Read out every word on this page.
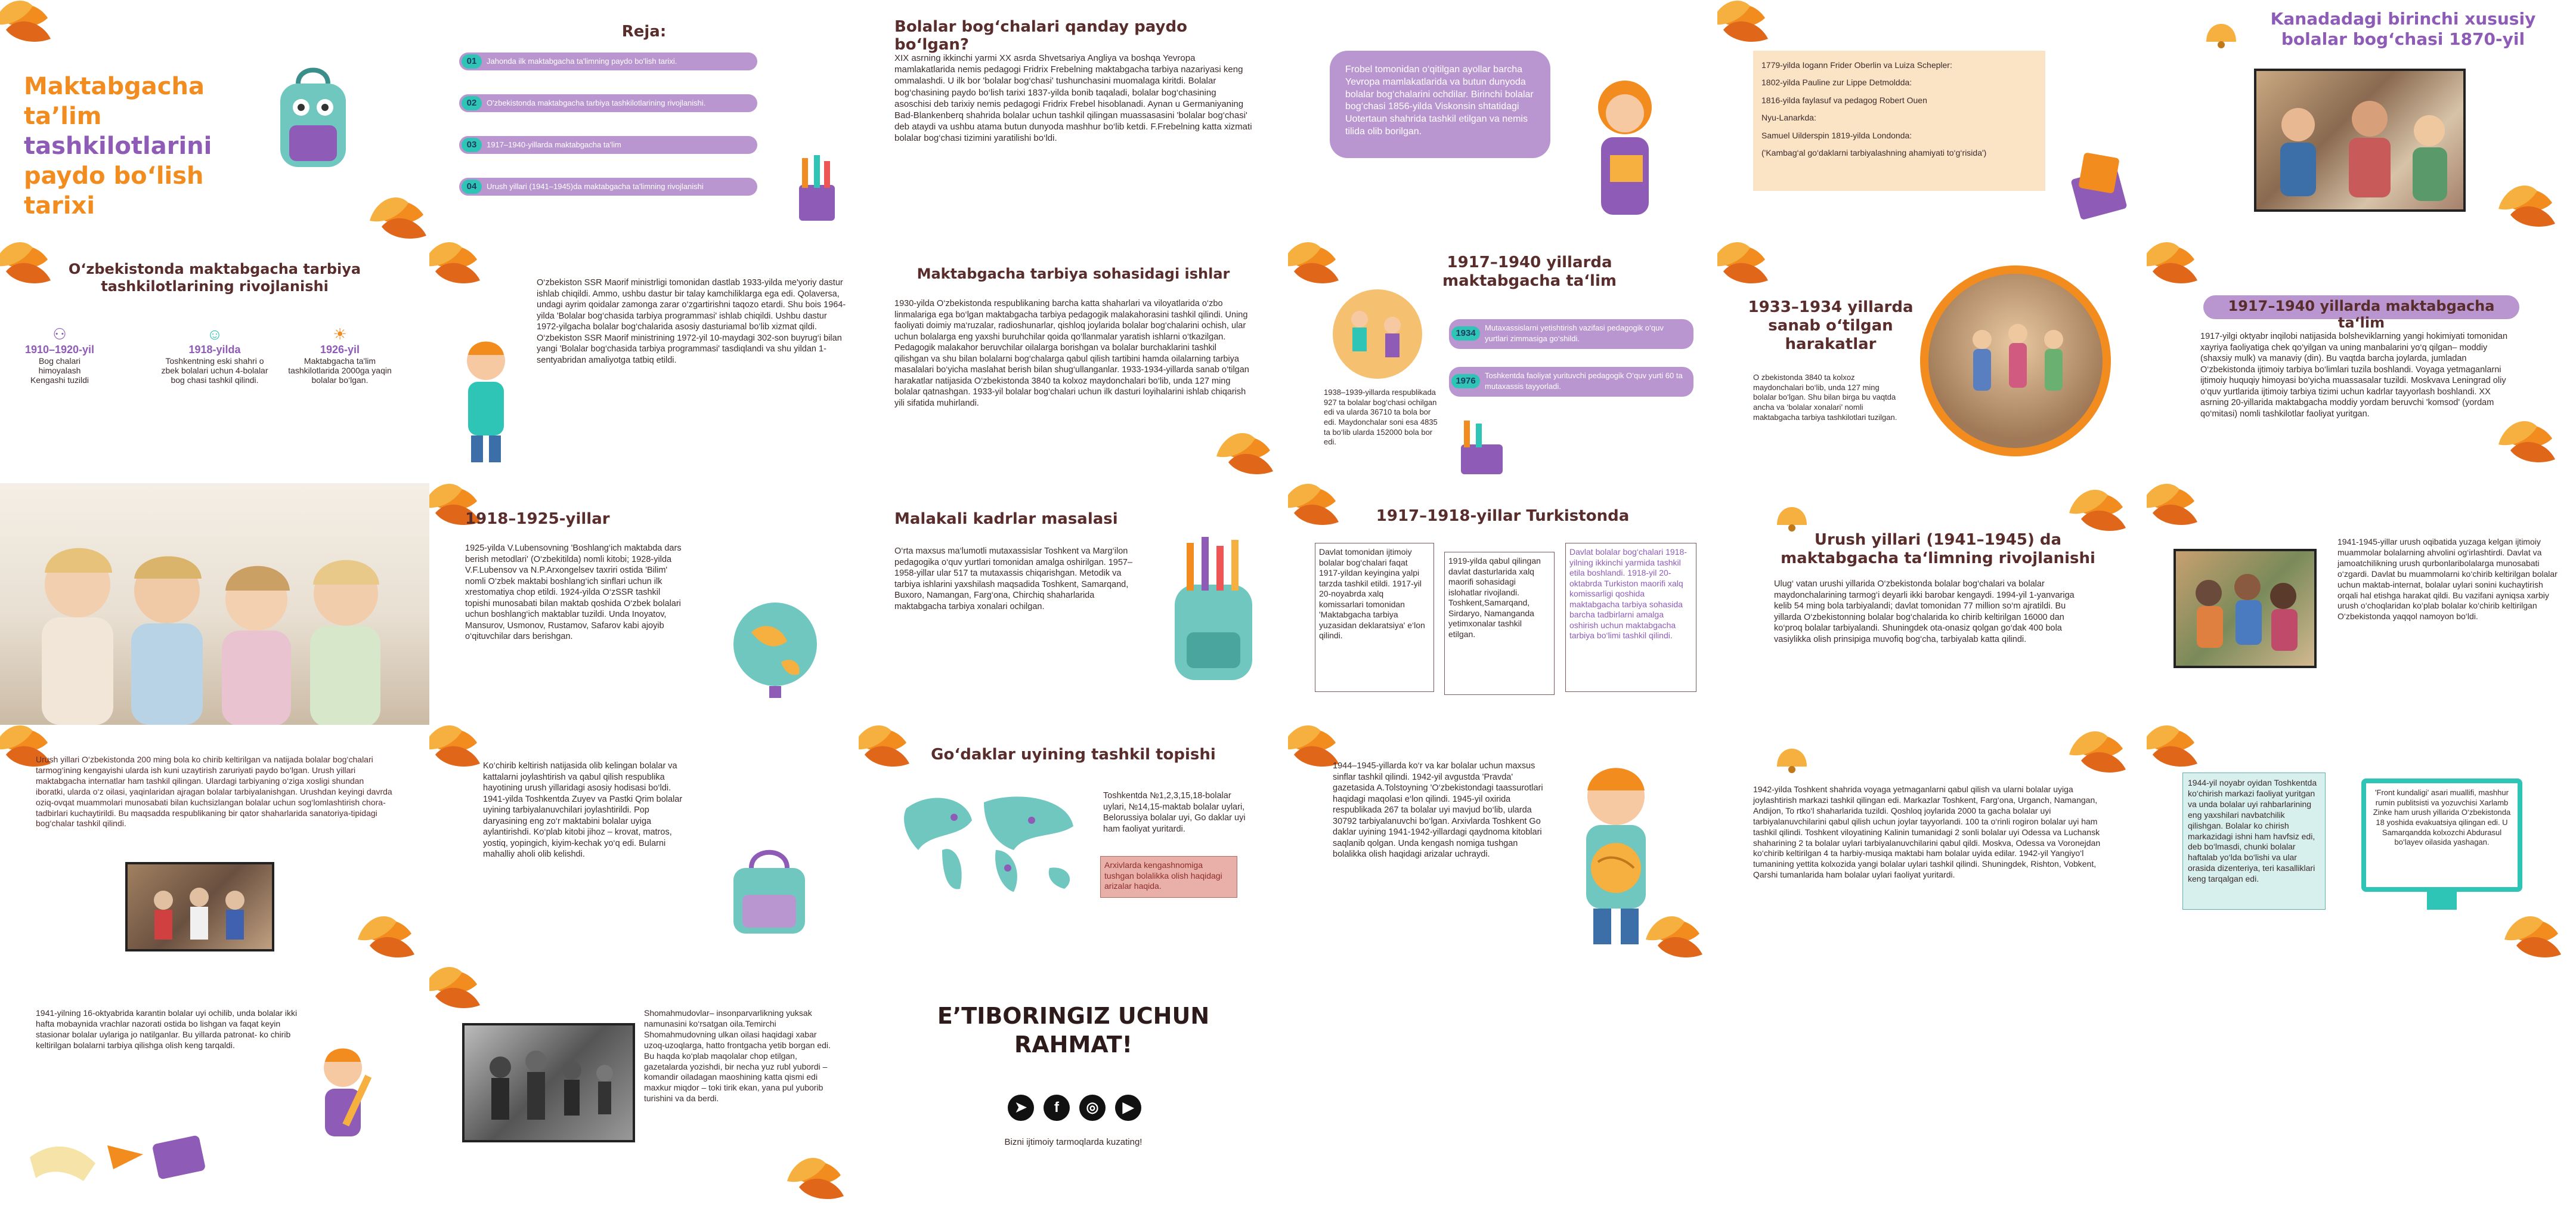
Maktabgacha ta’lim
tashkilotlarini
paydo bo‘lish tarixi
Reja:
01	Jahonda ilk maktabgacha ta'limning paydo bo'lish tarixi.
02	O'zbekistonda maktabgacha tarbiya tashkilotlarining rivojlanishi.
03	1917–1940-yillarda maktabgacha ta'lim
04	Urush yillari (1941–1945)da maktabgacha ta'limning rivojlanishi
Bolalar bog‘chalari qanday paydo bo‘lgan?
XIX asrning ikkinchi yarmi XX asrda Shvetsariya Angliya va boshqa Yevropa mamlakatlarida nemis pedagogi Fridrix Frebelning maktabgacha tarbiya nazariyasi keng ommalashdi. U ilk bor 'bolalar bog‘chasi' tushunchasini muomalaga kiritdi. Bolalar bog‘chasining paydo bo‘lish tarixi 1837-yilda bonib taqaladi, bolalar bog‘chasining asoschisi deb tarixiy nemis pedagogi Fridrix Frebel hisoblanadi. Aynan u Germaniyaning Bad-Blankenberq shahrida bolalar uchun tashkil qilingan muassasasini 'bolalar bog‘chasi' deb ataydi va ushbu atama butun dunyoda mashhur bo‘lib ketdi. F.Frebelning katta xizmati bolalar bog‘chasi tizimini yaratilishi bo‘ldi.
Frobel tomonidan o‘qitilgan ayollar barcha Yevropa mamlakatlarida va butun dunyoda bolalar bog‘chalarini ochdilar. Birinchi bolalar bog‘chasi 1856-yilda Viskonsin shtatidagi Uotertaun shahrida tashkil etilgan va nemis tilida olib borilgan.
1779-yilda Iogann Frider Oberlin va Luiza Schepler:
1802-yilda Pauline zur Lippe Detmoldda:
1816-yilda faylasuf va pedagog Robert Ouen
Nyu-Lanarkda:
Samuel Uilderspin 1819-yilda Londonda:
('Kambag‘al go‘daklarni tarbiyalashning ahamiyati to‘g‘risida')
Kanadadagi birinchi xususiy
bolalar bog‘chasi 1870-yil
O‘zbekistonda maktabgacha tarbiya tashkilotlarining rivojlanishi
⚇
1910–1920-yil
Bog chalari himoyalash Kengashi tuzildi
☺
1918-yilda
Toshkentning eski shahri o zbek bolalari uchun 4-bolalar bog chasi tashkil qilindi.
☀
1926-yil
Maktabgacha ta'lim tashkilotlarida 2000ga yaqin bolalar bo‘lgan.
O‘zbekiston SSR Maorif ministrligi tomonidan dastlab 1933-yilda me'yoriy dastur ishlab chiqildi. Ammo, ushbu dastur bir talay kamchiliklarga ega edi. Qolaversa, undagi ayrim qoidalar zamonga zarar o‘zgartirishni taqozo etardi. Shu bois 1964-yilda 'Bolalar bog‘chasida tarbiya programmasi' ishlab chiqildi. Ushbu dastur 1972-yilgacha bolalar bog‘chalarida asosiy dasturiamal bo‘lib xizmat qildi. O‘zbekiston SSR Maorif ministrining 1972-yil 10-maydagi 302-son buyrug‘i bilan yangi 'Bolalar bog‘chasida tarbiya programmasi' tasdiqlandi va shu yildan 1-sentyabridan amaliyotga tatbiq etildi.
Maktabgacha tarbiya sohasidagi ishlar
1930-yilda O‘zbekistonda respublikaning barcha katta shaharlari va viloyatlarida o‘zbo linmalariga ega bo‘lgan maktabgacha tarbiya pedagogik malakahorasini tashkil qilindi. Uning faoliyati doimiy ma‘ruzalar, radioshunarlar, qishloq joylarida bolalar bog‘chalarini ochish, ular uchun bolalarga eng yaxshi buruhchilar qoida qo‘llanmalar yaratish ishlarni o‘tkazilgan. Pedagogik malakahor beruvchilar oilalarga borishgan va bolalar burchaklarini tashkil qilishgan va shu bilan bolalarni bog‘chalarga qabul qilish tartibini hamda oilalarning tarbiya masalalari bo‘yicha maslahat berish bilan shug‘ullanganlar. 1933-1934-yillarda sanab o‘tilgan harakatlar natijasida O‘zbekistonda 3840 ta kolxoz maydonchalari bo‘lib, unda 127 ming bolalar qatnashgan. 1933-yil bolalar bog‘chalari uchun ilk dasturi loyihalarini ishlab chiqarish yili sifatida muhirlandi.
1917–1940 yillarda maktabgacha ta‘lim
1934
Mutaxassislarni yetishtirish vazifasi pedagogik o‘quv yurtlari zimmasiga go‘shildi.
1976
Toshkentda faoliyat yurituvchi pedagogik O‘quv yurti 60 ta mutaxassis tayyorladi.
1938–1939-yillarda respublikada 927 ta bolalar bog‘chasi ochilgan edi va ularda 36710 ta bola bor edi. Maydonchalar soni esa 4835 ta bo‘lib ularda 152000 bola bor edi.
1933–1934 yillarda sanab o‘tilgan harakatlar
O zbekistonda 3840 ta kolxoz maydonchalari bo‘lib, unda 127 ming bolalar bo‘lgan. Shu bilan birga bu vaqtda ancha va ‘bolalar xonalari’ nomli maktabgacha tarbiya tashkilotlari tuzilgan.
1917–1940 yillarda maktabgacha ta‘lim
1917-yilgi oktyabr inqilobi natijasida bolsheviklarning yangi hokimiyati tomonidan xayriya faoliyatiga chek qo‘yilgan va uning manbalarini yo‘q qilgan– moddiy (shaxsiy mulk) va manaviy (din). Bu vaqtda barcha joylarda, jumladan O‘zbekistonda ijtimoiy tarbiya bo‘limlari tuzila boshlandi. Voyaga yetmaganlarni ijtimoiy huquqiy himoyasi bo‘yicha muassasalar tuzildi. Moskvava Leningrad oliy o‘quv yurtlarida ijtimoiy tarbiya tizimi uchun kadrlar tayyorlash boshlandi. XX asrning 20-yillarida maktabgacha moddiy yordam beruvchi 'komsod' (yordam qo‘mitasi) nomli tashkilotlar faoliyat yuritgan.
1918–1925-yillar
1925-yilda V.Lubensovning 'Boshlang‘ich maktabda dars berish metodlari' (O‘zbekitilda) nomli kitobi; 1928-yilda V.F.Lubensov va N.P.Arxongelsev taxriri ostida 'Bilim' nomli O‘zbek maktabi boshlang‘ich sinflari uchun ilk xrestomatiya chop etildi. 1924-yilda O‘zSSR tashkil topishi munosabati bilan maktab qoshida O‘zbek bolalari uchun boshlang‘ich maktablar tuzildi. Unda Inoyatov, Mansurov, Usmonov, Rustamov, Safarov kabi ajoyib o‘qituvchilar dars berishgan.
Malakali kadrlar masalasi
O‘rta maxsus ma‘lumotli mutaxassislar Toshkent va Marg‘ilon pedagogika o‘quv yurtlari tomonidan amalga oshirilgan. 1957–1958-yillar ular 517 ta mutaxassis chiqarishgan. Metodik va tarbiya ishlarini yaxshilash maqsadida Toshkent, Samarqand, Buxoro, Namangan, Farg‘ona, Chirchiq shaharlarida maktabgacha tarbiya xonalari ochilgan.
1917–1918-yillar Turkistonda
Davlat tomonidan ijtimoiy bolalar bog‘chalari faqat 1917-yildan keyingina yalpi tarzda tashkil etildi. 1917-yil 20-noyabrda xalq komissarlari tomonidan 'Maktabgacha tarbiya yuzasidan deklaratsiya' e‘lon qilindi.
1919-yilda qabul qilingan davlat dasturlarida xalq maorifi sohasidagi islohatlar rivojlandi. Toshkent,Samarqand, Sirdaryo, Namanganda yetimxonalar tashkil etilgan.
Davlat bolalar bog‘chalari 1918-yilning ikkinchi yarmida tashkil etila boshlandi. 1918-yil 20-oktabrda Turkiston maorifi xalq komissarligi qoshida maktabgacha tarbiya sohasida barcha tadbirlarni amalga oshirish uchun maktabgacha tarbiya bo‘limi tashkil qilindi.
Urush yillari (1941–1945) da maktabgacha ta‘limning rivojlanishi
Ulug‘ vatan urushi yillarida O‘zbekistonda bolalar bog‘chalari va bolalar maydonchalarining tarmog‘i deyarli ikki barobar kengaydi. 1994-yil 1-yanvariga kelib 54 ming bola tarbiyalandi; davlat tomonidan 77 million so‘m ajratildi. Bu yillarda O‘zbekistonning bolalar bog‘chalarida ko chirib keltirilgan 16000 dan ko‘proq bolalar tarbiyalandi. Shuningdek ota-onasiz qolgan go‘dak 400 bola vasiylikka olish prinsipiga muvofiq bog‘cha, tarbiyalab katta qilindi.
1941-1945-yillar urush oqibatida yuzaga kelgan ijtimoiy muammolar bolalarning ahvolini og‘irlashtirdi. Davlat va jamoatchilikning urush qurbonlaribolalarga munosabati o‘zgardi. Davlat bu muammolarni ko‘chirib keltirilgan bolalar uchun maktab-internat, bolalar uylari sonini kuchaytirish orqali hal etishga harakat qildi. Bu vazifani ayniqsa xarbiy urush o‘choqlaridan ko‘plab bolalar ko‘chirib keltirilgan O‘zbekistonda yaqqol namoyon bo‘ldi.
Urush yillari O‘zbekistonda 200 ming bola ko chirib keltirilgan va natijada bolalar bog‘chalari tarmog‘ining kengayishi ularda ish kuni uzaytirish zaruriyati paydo bo‘lgan. Urush yillari maktabgacha internatlar ham tashkil qilingan. Ulardagi tarbiyaning o‘ziga xosligi shundan iboratki, ularda o‘z oilasi, yaqinlaridan ajragan bolalar tarbiyalanishgan. Urushdan keyingi davrda oziq-ovqat muammolari munosabati bilan kuchsizlangan bolalar uchun sog‘lomlashtirish chora-tadbirlari kuchaytirildi. Bu maqsadda respublikaning bir qator shaharlarida sanatoriya-tipidagi bog‘chalar tashkil qilindi.
Ko‘chirib keltirish natijasida olib kelingan bolalar va kattalarni joylashtirish va qabul qilish respublika hayotining urush yillaridagi asosiy hodisasi bo‘ldi. 1941-yilda Toshkentda Zuyev va Pastki Qrim bolalar uyining tarbiyalanuvchilari joylashtirildi. Pop daryasining eng zo‘r maktabini bolalar uyiga aylantirishdi. Ko‘plab kitobi jihoz – krovat, matros, yostiq, yopingich, kiyim-kechak yo‘q edi. Bularni mahalliy aholi olib kelishdi.
Go‘daklar uyining tashkil topishi
Toshkentda №1,2,3,15,18-bolalar uylari, №14,15-maktab bolalar uylari, Belorussiya bolalar uyi, Go daklar uyi ham faoliyat yuritardi.
Arxivlarda kengashnomiga tushgan bolalikka olish haqidagi arizalar haqida.
1944–1945-yillarda ko‘r va kar bolalar uchun maxsus sinflar tashkil qilindi. 1942-yil avgustda 'Pravda' gazetasida A.Tolstoyning 'O‘zbekistondagi taassurotlari haqidagi maqolasi e‘lon qilindi. 1945-yil oxirida respublikada 267 ta bolalar uyi mavjud bo‘lib, ularda 30792 tarbiyalanuvchi bo‘lgan. Arxivlarda Toshkent Go daklar uyining 1941-1942-yillardagi qaydnoma kitoblari saqlanib qolgan. Unda kengash nomiga tushgan bolalikka olish haqidagi arizalar uchraydi.
1942-yilda Toshkent shahrida voyaga yetmaganlarni qabul qilish va ularni bolalar uyiga joylashtirish markazi tashkil qilingan edi. Markazlar Toshkent, Farg‘ona, Urganch, Namangan, Andijon, To rtko‘l shaharlarida tuzildi. Qoshloq joylarida 2000 ta gacha bolalar uyi tarbiyalanuvchilarini qabul qilish uchun joylar tayyorlandi. 100 ta o‘rinli rogiron bolalar uyi ham tashkil qilindi. Toshkent viloyatining Kalinin tumanidagi 2 sonli bolalar uyi Odessa va Luchansk shaharining 2 ta bolalar uylari tarbiyalanuvchilarini qabul qildi. Moskva, Odessa va Voronejdan ko‘chirib keltirilgan 4 ta harbiy-musiqa maktabi ham bolalar uyida edilar. 1942-yil Yangiyo‘l tumanining yettita kolxozida yangi bolalar uylari tashkil qilindi. Shuningdek, Rishton, Vobkent, Qarshi tumanlarida ham bolalar uylari faoliyat yuritardi.
1944-yil noyabr oyidan Toshkentda ko‘chirish markazi faoliyat yuritgan va unda bolalar uyi rahbarlarining eng yaxshilari navbatchilik qilishgan. Bolalar ko chirish markazidagi ishni ham havfsiz edi, deb bo‘lmasdi, chunki bolalar haftalab yo‘lda bo‘lishi va ular orasida dizenteriya, teri kasalliklari keng tarqalgan edi.
'Front kundaligi' asari muallifi, mashhur rumin publitsisti va yozuvchisi Xarlamb Zinke ham urush yillarida O‘zbekistonda 18 yoshida evakuatsiya qilingan edi. U Samarqandda kolxozchi Abdurasul bo‘layev oilasida yashagan.
1941-yilning 16-oktyabrida karantin bolalar uyi ochilib, unda bolalar ikki hafta mobaynida vrachlar nazorati ostida bo lishgan va faqat keyin stasionar bolalar uylariga jo natilganlar. Bu yillarda patronat- ko chirib keltirilgan bolalarni tarbiya qilishga olish keng tarqaldi.
Shomahmudovlar– insonparvarlikning yuksak namunasini ko‘rsatgan oila.Temirchi Shomahmudovning ulkan oilasi haqidagi xabar uzoq-uzoqlarga, hatto frontgacha yetib borgan edi. Bu haqda ko‘plab maqolalar chop etilgan, gazetalarda yozishdi, bir necha yuz rubl yubordi – komandir oiladagan maoshining katta qismi edi maxkur miqdor – toki tirik ekan, yana pul yuborib turishini va da berdi.
E’TIBORINGIZ UCHUN
RAHMAT!
➤	f	◎	▶
Bizni ijtimoiy tarmoqlarda kuzating!
